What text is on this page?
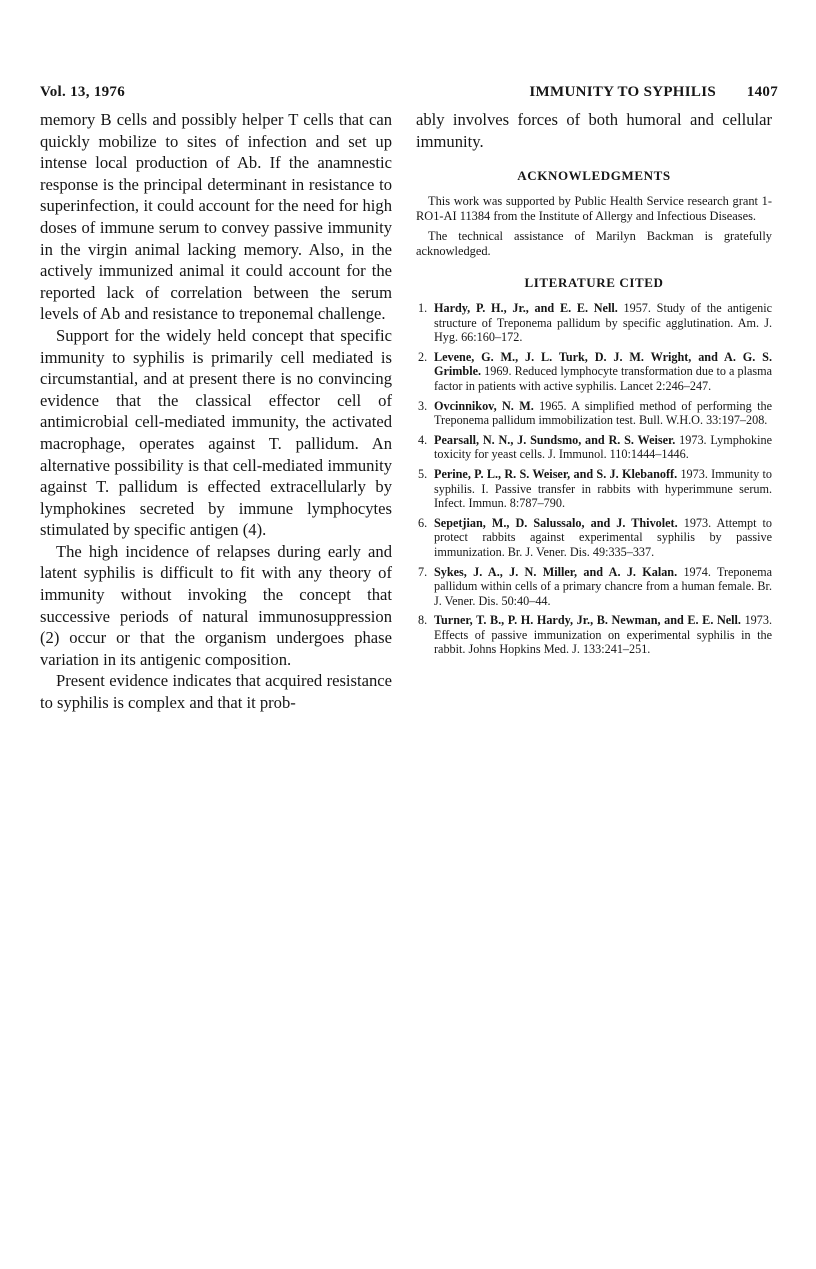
Vol. 13, 1976	IMMUNITY TO SYPHILIS 1407

memory B cells and possibly helper T cells that can quickly mobilize to sites of infection and set up intense local production of Ab. If the anamnestic response is the principal determinant in resistance to superinfection, it could account for the need for high doses of immune serum to convey passive immunity in the virgin animal lacking memory. Also, in the actively immunized animal it could account for the reported lack of correlation between the serum levels of Ab and resistance to treponemal challenge.

Support for the widely held concept that specific immunity to syphilis is primarily cell mediated is circumstantial, and at present there is no convincing evidence that the classical effector cell of antimicrobial cell-mediated immunity, the activated macrophage, operates against T. pallidum. An alternative possibility is that cell-mediated immunity against T. pallidum is effected extracellularly by lymphokines secreted by immune lymphocytes stimulated by specific antigen (4).

The high incidence of relapses during early and latent syphilis is difficult to fit with any theory of immunity without invoking the concept that successive periods of natural immunosuppression (2) occur or that the organism undergoes phase variation in its antigenic composition.

Present evidence indicates that acquired resistance to syphilis is complex and that it prob-

ably involves forces of both humoral and cellular immunity.

ACKNOWLEDGMENTS

This work was supported by Public Health Service research grant 1-RO1-AI 11384 from the Institute of Allergy and Infectious Diseases.

The technical assistance of Marilyn Backman is gratefully acknowledged.

LITERATURE CITED
1. Hardy, P. H., Jr., and E. E. Nell. 1957. Study of the antigenic structure of Treponema pallidum by specific agglutination. Am. J. Hyg. 66:160–172.
2. Levene, G. M., J. L. Turk, D. J. M. Wright, and A. G. S. Grimble. 1969. Reduced lymphocyte transformation due to a plasma factor in patients with active syphilis. Lancet 2:246–247.
3. Ovcinnikov, N. M. 1965. A simplified method of performing the Treponema pallidum immobilization test. Bull. W.H.O. 33:197–208.
4. Pearsall, N. N., J. Sundsmo, and R. S. Weiser. 1973. Lymphokine toxicity for yeast cells. J. Immunol. 110:1444–1446.
5. Perine, P. L., R. S. Weiser, and S. J. Klebanoff. 1973. Immunity to syphilis. I. Passive transfer in rabbits with hyperimmune serum. Infect. Immun. 8:787–790.
6. Sepetjian, M., D. Salussalo, and J. Thivolet. 1973. Attempt to protect rabbits against experimental syphilis by passive immunization. Br. J. Vener. Dis. 49:335–337.
7. Sykes, J. A., J. N. Miller, and A. J. Kalan. 1974. Treponema pallidum within cells of a primary chancre from a human female. Br. J. Vener. Dis. 50:40–44.
8. Turner, T. B., P. H. Hardy, Jr., B. Newman, and E. E. Nell. 1973. Effects of passive immunization on experimental syphilis in the rabbit. Johns Hopkins Med. J. 133:241–251.
